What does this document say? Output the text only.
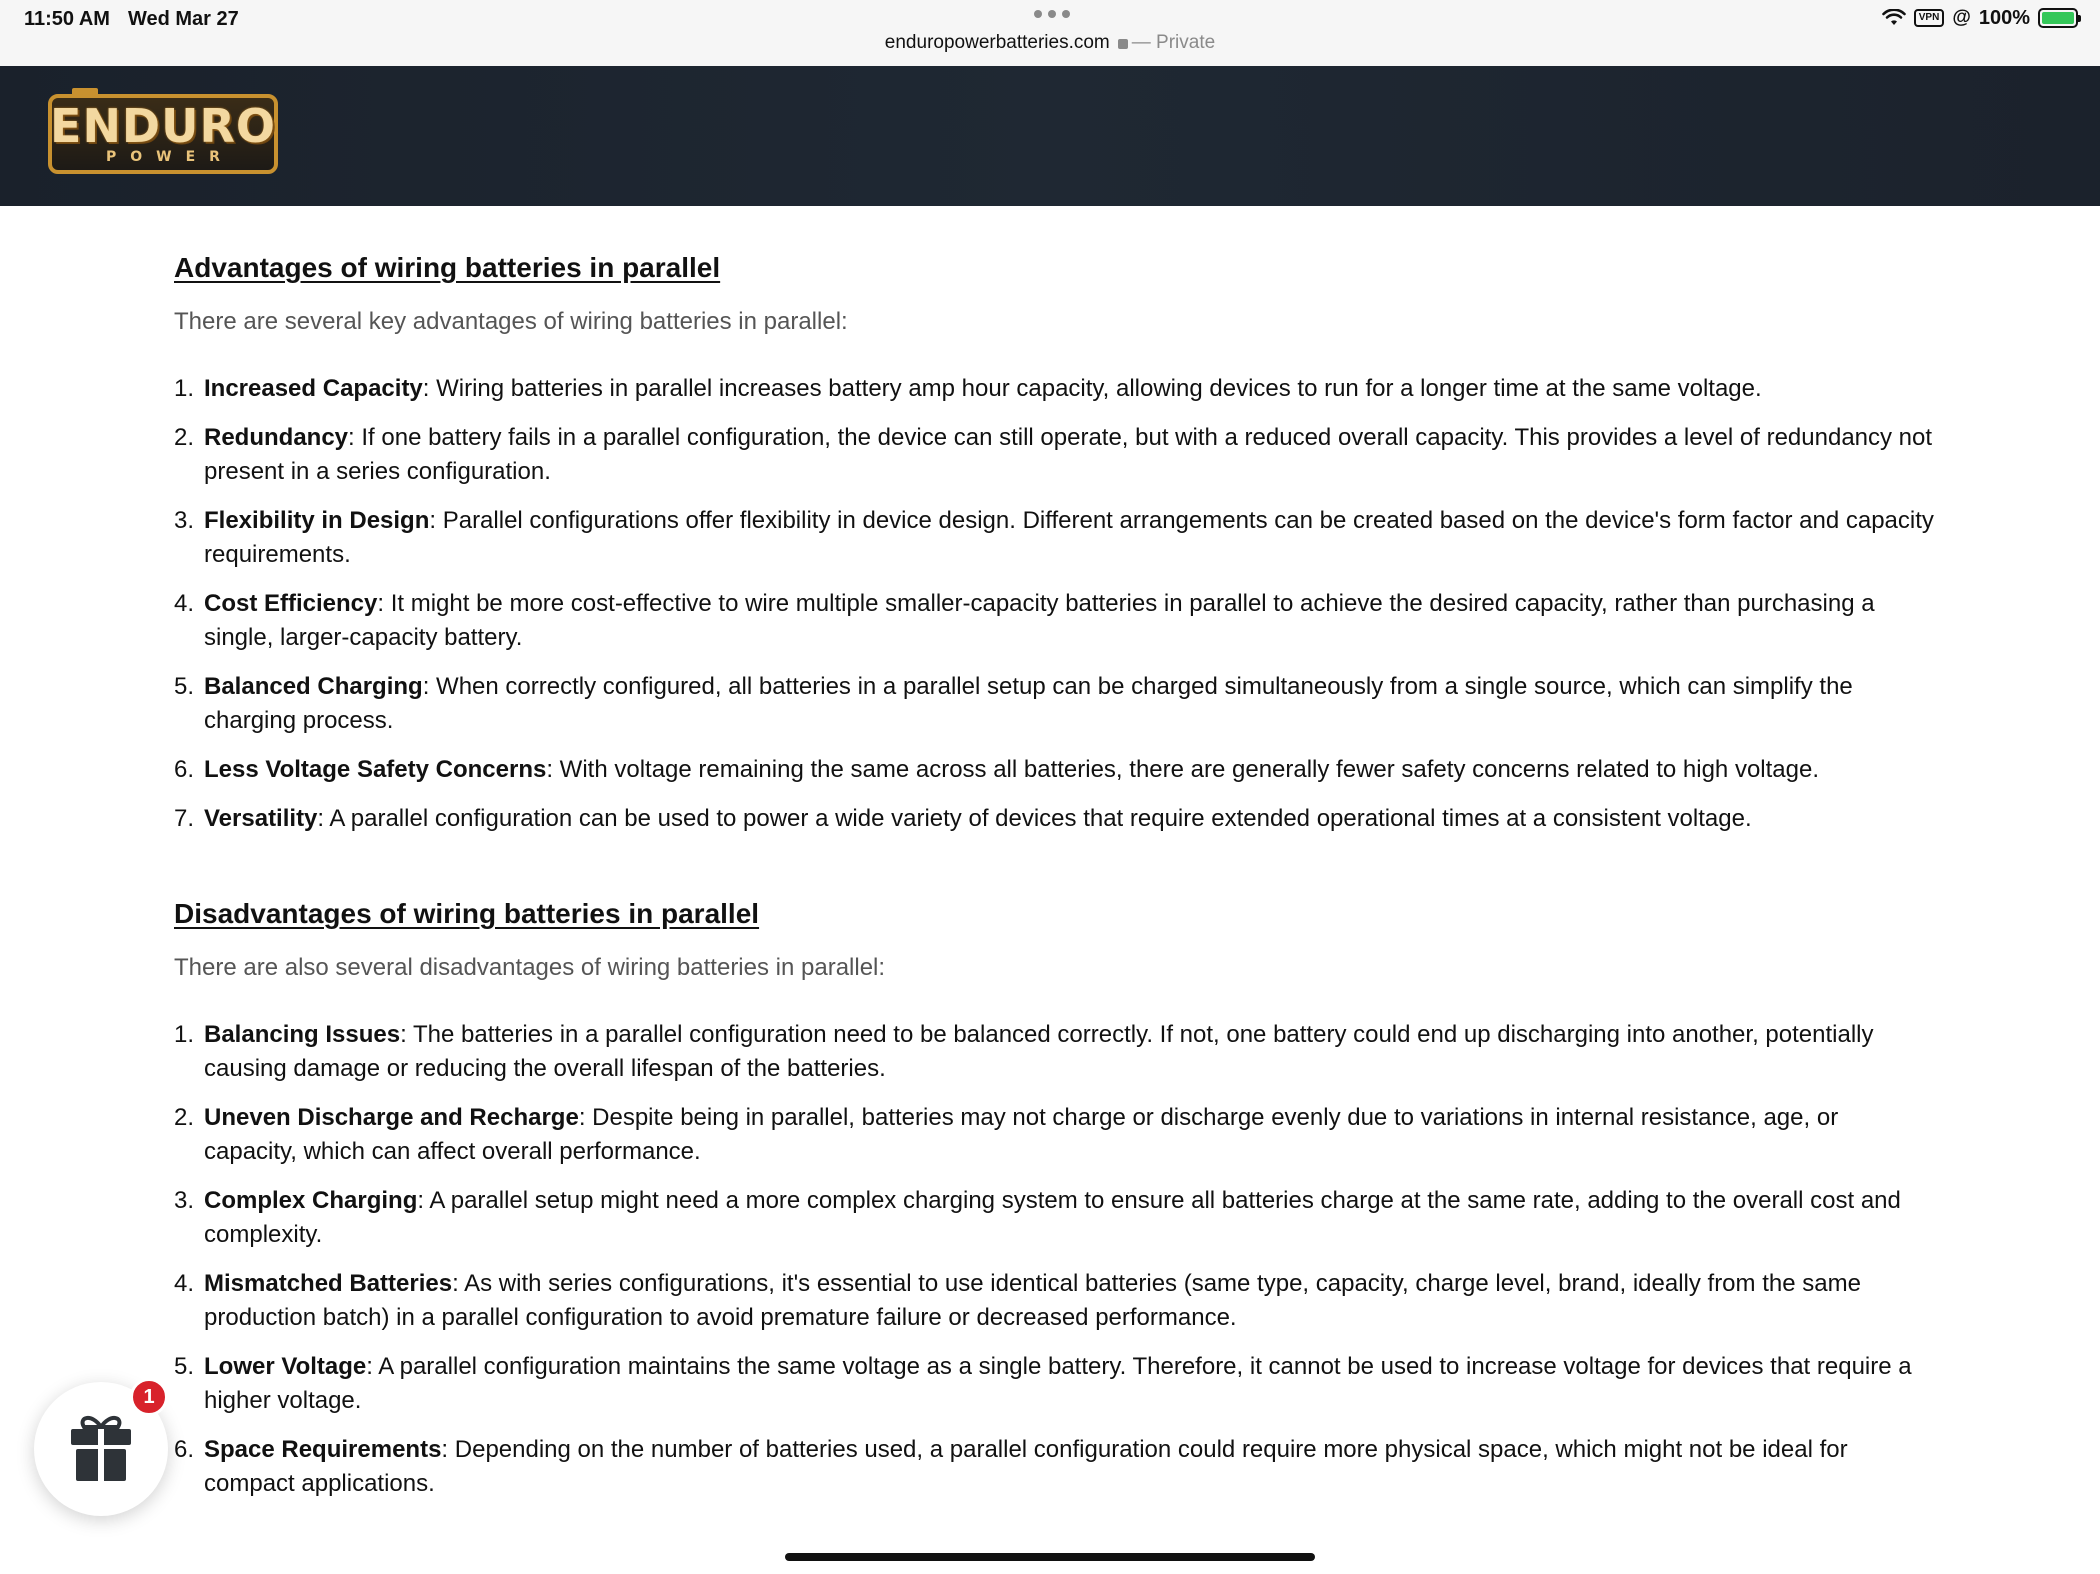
11:50 AM Wed Mar 27
enduropowerbatteries.com — Private
VPN @ 100%
ENDURO
POWER
Advantages of wiring batteries in parallel

There are several key advantages of wiring batteries in parallel:

1. Increased Capacity: Wiring batteries in parallel increases battery amp hour capacity, allowing devices to run for a longer time at the same voltage.
2. Redundancy: If one battery fails in a parallel configuration, the device can still operate, but with a reduced overall capacity. This provides a level of redundancy not present in a series configuration.
3. Flexibility in Design: Parallel configurations offer flexibility in device design. Different arrangements can be created based on the device's form factor and capacity requirements.
4. Cost Efficiency: It might be more cost-effective to wire multiple smaller-capacity batteries in parallel to achieve the desired capacity, rather than purchasing a single, larger-capacity battery.
5. Balanced Charging: When correctly configured, all batteries in a parallel setup can be charged simultaneously from a single source, which can simplify the charging process.
6. Less Voltage Safety Concerns: With voltage remaining the same across all batteries, there are generally fewer safety concerns related to high voltage.
7. Versatility: A parallel configuration can be used to power a wide variety of devices that require extended operational times at a consistent voltage.
Disadvantages of wiring batteries in parallel

There are also several disadvantages of wiring batteries in parallel:

1. Balancing Issues: The batteries in a parallel configuration need to be balanced correctly. If not, one battery could end up discharging into another, potentially causing damage or reducing the overall lifespan of the batteries.
2. Uneven Discharge and Recharge: Despite being in parallel, batteries may not charge or discharge evenly due to variations in internal resistance, age, or capacity, which can affect overall performance.
3. Complex Charging: A parallel setup might need a more complex charging system to ensure all batteries charge at the same rate, adding to the overall cost and complexity.
4. Mismatched Batteries: As with series configurations, it's essential to use identical batteries (same type, capacity, charge level, brand, ideally from the same production batch) in a parallel configuration to avoid premature failure or decreased performance.
5. Lower Voltage: A parallel configuration maintains the same voltage as a single battery. Therefore, it cannot be used to increase voltage for devices that require a higher voltage.
6. Space Requirements: Depending on the number of batteries used, a parallel configuration could require more physical space, which might not be ideal for compact applications.
1
